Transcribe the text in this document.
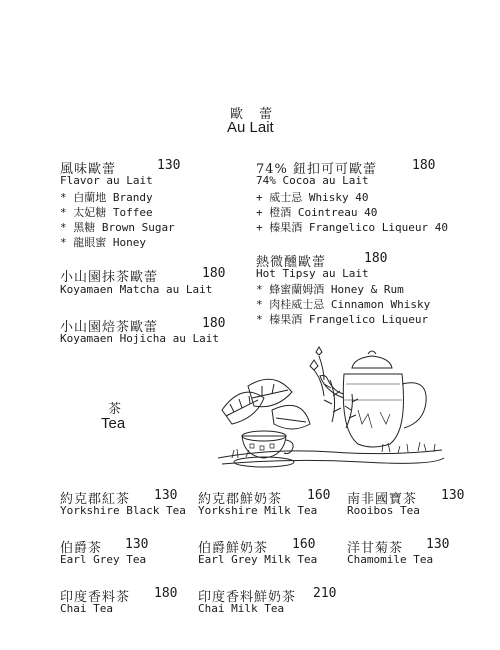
歐 蕾
Au Lait
風味歐蕾	130
Flavor au Lait
* 白蘭地 Brandy
* 太妃糖 Toffee
* 黑糖 Brown Sugar
* 龍眼蜜 Honey
小山園抹茶歐蕾	180
Koyamaen Matcha au Lait
小山園焙茶歐蕾	180
Koyamaen Hojicha au Lait
74% 鈕扣可可歐蕾	180
74% Cocoa au Lait
+ 威士忌 Whisky 40
+ 橙酒 Cointreau 40
+ 榛果酒 Frangelico Liqueur 40
熱微醺歐蕾	180
Hot Tipsy au Lait
* 蜂蜜蘭姆酒 Honey & Rum
* 肉桂威士忌 Cinnamon Whisky
* 榛果酒 Frangelico Liqueur
茶
Tea
約克郡紅茶 130
Yorkshire Black Tea
約克郡鮮奶茶 160
Yorkshire Milk Tea
南非國寶茶 130
Rooibos Tea
伯爵茶 130
Earl Grey Tea
伯爵鮮奶茶 160
Earl Grey Milk Tea
洋甘菊茶 130
Chamomile Tea
印度香料茶 180
Chai Tea
印度香料鮮奶茶 210
Chai Milk Tea
